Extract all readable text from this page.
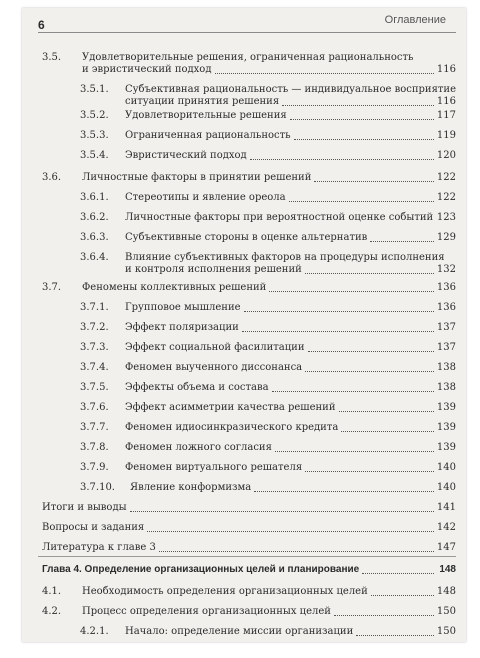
6	Оглавление
3.5. Удовлетворительные решения, ограниченная рациональность
и эвристический подход	116
3.5.1. Субъективная рациональность — индивидуальное восприятие
ситуации принятия решения	116
3.5.2. Удовлетворительные решения	117
3.5.3. Ограниченная рациональность	119
3.5.4. Эвристический подход	120
3.6. Личностные факторы в принятии решений	122
3.6.1. Стереотипы и явление ореола	122
3.6.2. Личностные факторы при вероятностной оценке событий 123
3.6.3. Субъективные стороны в оценке альтернатив	129
3.6.4. Влияние субъективных факторов на процедуры исполнения
и контроля исполнения решений	132
3.7. Феномены коллективных решений	136
3.7.1. Групповое мышление	136
3.7.2. Эффект поляризации	137
3.7.3. Эффект социальной фасилитации	137
3.7.4. Феномен выученного диссонанса	138
3.7.5. Эффекты объема и состава	138
3.7.6. Эффект асимметрии качества решений	139
3.7.7. Феномен идиосинкразического кредита	139
3.7.8. Феномен ложного согласия	139
3.7.9. Феномен виртуального решателя	140
3.7.10. Явление конформизма	140
Итоги и выводы	141
Вопросы и задания	142
Литература к главе 3	147
Глава 4. Определение организационных целей и планирование	148
4.1. Необходимость определения организационных целей	148
4.2. Процесс определения организационных целей	150
4.2.1. Начало: определение миссии организации	150
